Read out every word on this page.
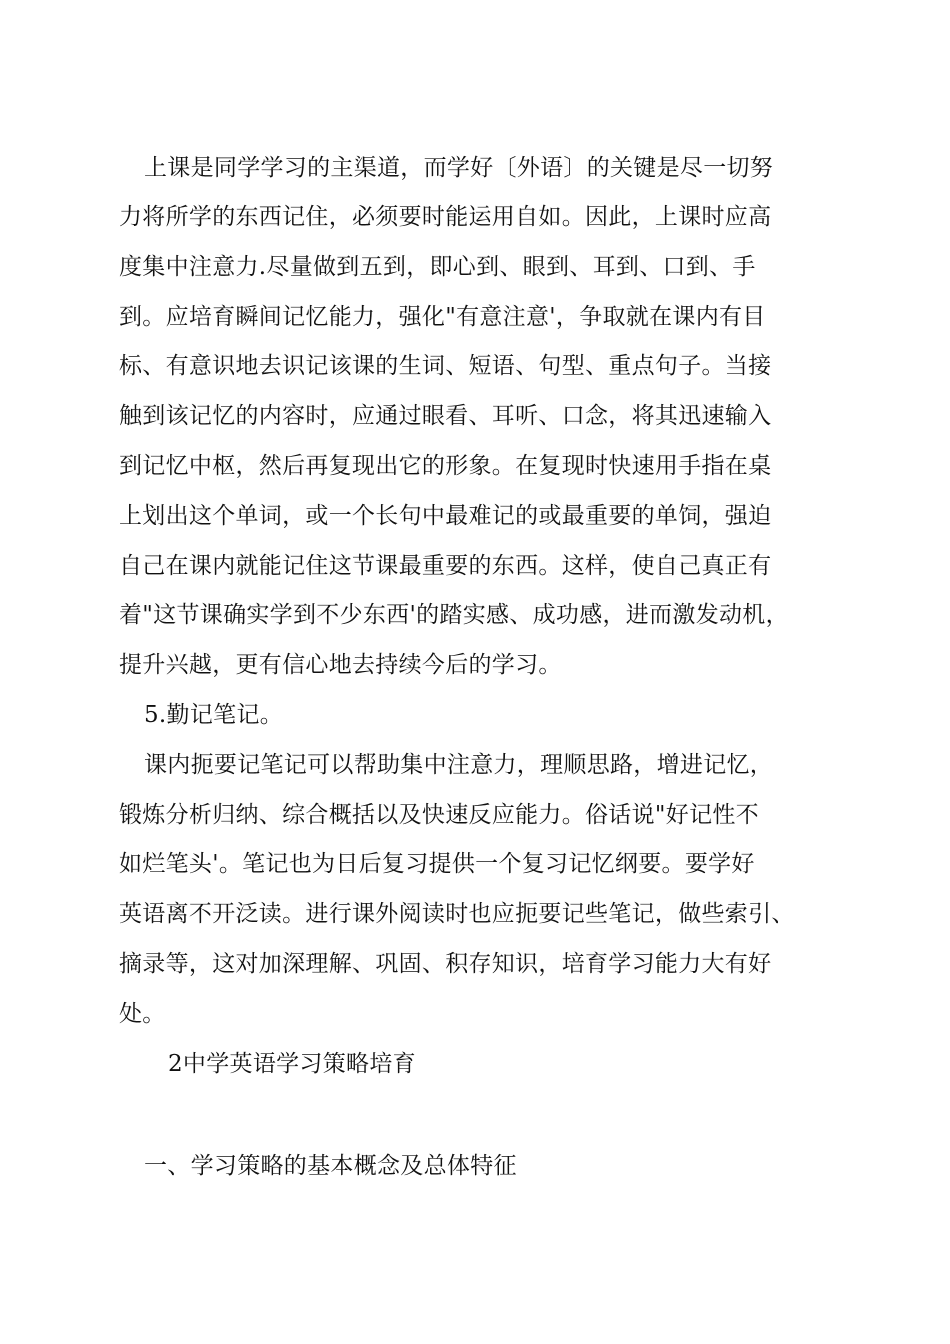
上课是同学学习的主渠道，而学好〔外语〕的关键是尽一切努
力将所学的东西记住，必须要时能运用自如。因此，上课时应高
度集中注意力.尽量做到五到，即心到、眼到、耳到、口到、手
到。应培育瞬间记忆能力，强化"有意注意'，争取就在课内有目
标、有意识地去识记该课的生词、短语、句型、重点句子。当接
触到该记忆的内容时，应通过眼看、耳听、口念，将其迅速输入
到记忆中枢，然后再复现出它的形象。在复现时快速用手指在桌
上划出这个单词，或一个长句中最难记的或最重要的单饲，强迫
自己在课内就能记住这节课最重要的东西。这样，使自己真正有
着"这节课确实学到不少东西'的踏实感、成功感，进而激发动机，
提升兴越，更有信心地去持续今后的学习。
5.勤记笔记。
课内扼要记笔记可以帮助集中注意力，理顺思路，增进记忆，
锻炼分析归纳、综合概括以及快速反应能力。俗话说"好记性不
如烂笔头'。笔记也为日后复习提供一个复习记忆纲要。要学好
英语离不开泛读。进行课外阅读时也应扼要记些笔记，做些索引、
摘录等，这对加深理解、巩固、积存知识，培育学习能力大有好
处。
2中学英语学习策略培育
一、学习策略的基本概念及总体特征
